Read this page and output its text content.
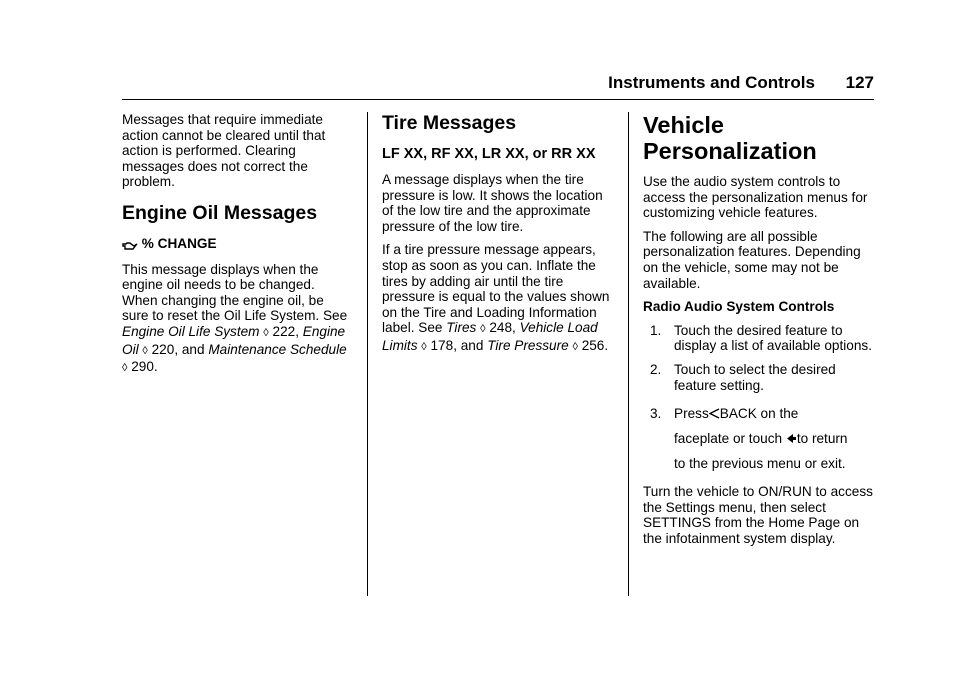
Instruments and Controls	127

Messages that require immediate action cannot be cleared until that action is performed. Clearing messages does not correct the problem.

Engine Oil Messages
% CHANGE

This message displays when the engine oil needs to be changed. When changing the engine oil, be sure to reset the Oil Life System. See Engine Oil Life System ◊ 222, Engine Oil ◊ 220, and Maintenance Schedule ◊ 290.

Tire Messages
LF XX, RF XX, LR XX, or RR XX

A message displays when the tire pressure is low. It shows the location of the low tire and the approximate pressure of the low tire.

If a tire pressure message appears, stop as soon as you can. Inflate the tires by adding air until the tire pressure is equal to the values shown on the Tire and Loading Information label. See Tires ◊ 248, Vehicle Load Limits ◊ 178, and Tire Pressure ◊ 256.

Vehicle Personalization

Use the audio system controls to access the personalization menus for customizing vehicle features.

The following are all possible personalization features. Depending on the vehicle, some may not be available.

Radio Audio System Controls
1. Touch the desired feature to display a list of available options.
2. Touch to select the desired feature setting.
3. Press BACK on the
faceplate or touch to return
to the previous menu or exit.

Turn the vehicle to ON/RUN to access the Settings menu, then select SETTINGS from the Home Page on the infotainment system display.
